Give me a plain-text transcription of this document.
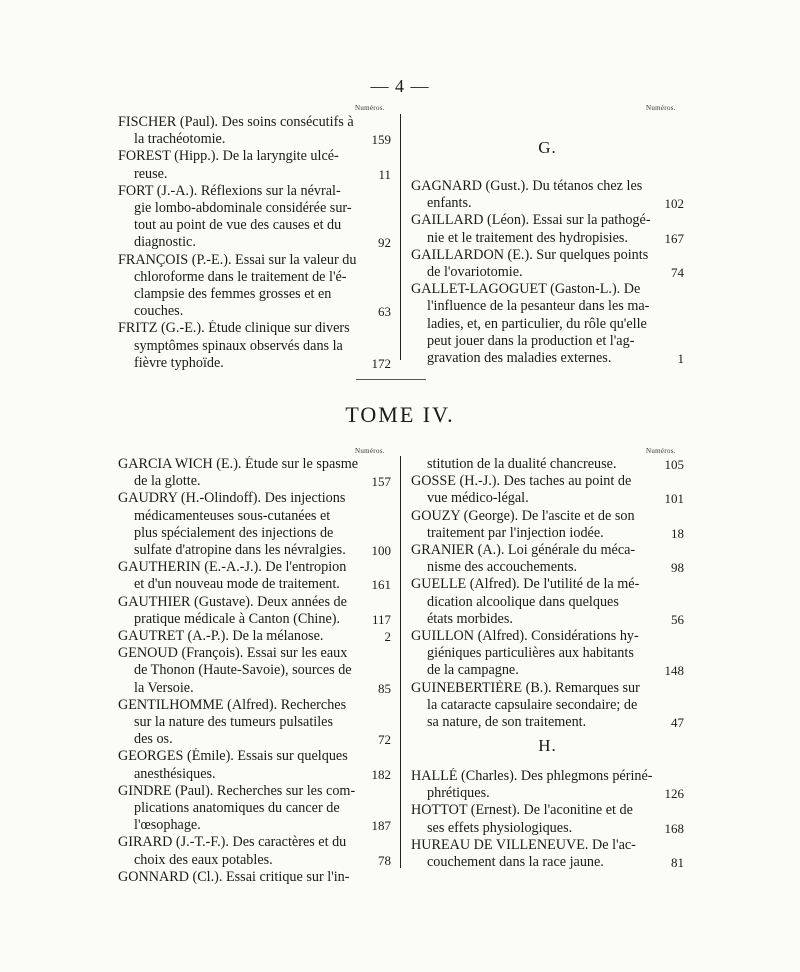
— 4 —
Numéros.	Numéros.
FISCHER (Paul). Des soins consécutifs à
la trachéotomie.	159
FOREST (Hipp.). De la laryngite ulcé-
reuse.	11
FORT (J.-A.). Réflexions sur la névral-
gie lombo-abdominale considérée sur-
tout au point de vue des causes et du
diagnostic.	92
FRANÇOIS (P.-E.). Essai sur la valeur du
chloroforme dans le traitement de l'é-
clampsie des femmes grosses et en
couches.	63
FRITZ (G.-E.). Étude clinique sur divers
symptômes spinaux observés dans la
fièvre typhoïde.	172
G.
GAGNARD (Gust.). Du tétanos chez les
enfants.	102
GAILLARD (Léon). Essai sur la pathogé-
nie et le traitement des hydropisies.	167
GAILLARDON (E.). Sur quelques points
de l'ovariotomie.	74
GALLET-LAGOGUET (Gaston-L.). De
l'influence de la pesanteur dans les ma-
ladies, et, en particulier, du rôle qu'elle
peut jouer dans la production et l'ag-
gravation des maladies externes.	1
TOME IV.
Numéros.	Numéros.
GARCIA WICH (E.). Étude sur le spasme
de la glotte.	157
GAUDRY (H.-Olindoff). Des injections
médicamenteuses sous-cutanées et
plus spécialement des injections de
sulfate d'atropine dans les névralgies.	100
GAUTHERIN (E.-A.-J.). De l'entropion
et d'un nouveau mode de traitement.	161
GAUTHIER (Gustave). Deux années de
pratique médicale à Canton (Chine).	117
GAUTRET (A.-P.). De la mélanose.	2
GENOUD (François). Essai sur les eaux
de Thonon (Haute-Savoie), sources de
la Versoie.	85
GENTILHOMME (Alfred). Recherches
sur la nature des tumeurs pulsatiles
des os.	72
GEORGES (Émile). Essais sur quelques
anesthésiques.	182
GINDRE (Paul). Recherches sur les com-
plications anatomiques du cancer de
l'œsophage.	187
GIRARD (J.-T.-F.). Des caractères et du
choix des eaux potables.	78
GONNARD (Cl.). Essai critique sur l'in-
stitution de la dualité chancreuse.	105
GOSSE (H.-J.). Des taches au point de
vue médico-légal.	101
GOUZY (George). De l'ascite et de son
traitement par l'injection iodée.	18
GRANIER (A.). Loi générale du méca-
nisme des accouchements.	98
GUELLE (Alfred). De l'utilité de la mé-
dication alcoolique dans quelques
états morbides.	56
GUILLON (Alfred). Considérations hy-
giéniques particulières aux habitants
de la campagne.	148
GUINEBERTIÈRE (B.). Remarques sur
la cataracte capsulaire secondaire; de
sa nature, de son traitement.	47
H.
HALLÉ (Charles). Des phlegmons périné-
phrétiques.	126
HOTTOT (Ernest). De l'aconitine et de
ses effets physiologiques.	168
HUREAU DE VILLENEUVE. De l'ac-
couchement dans la race jaune.	81
